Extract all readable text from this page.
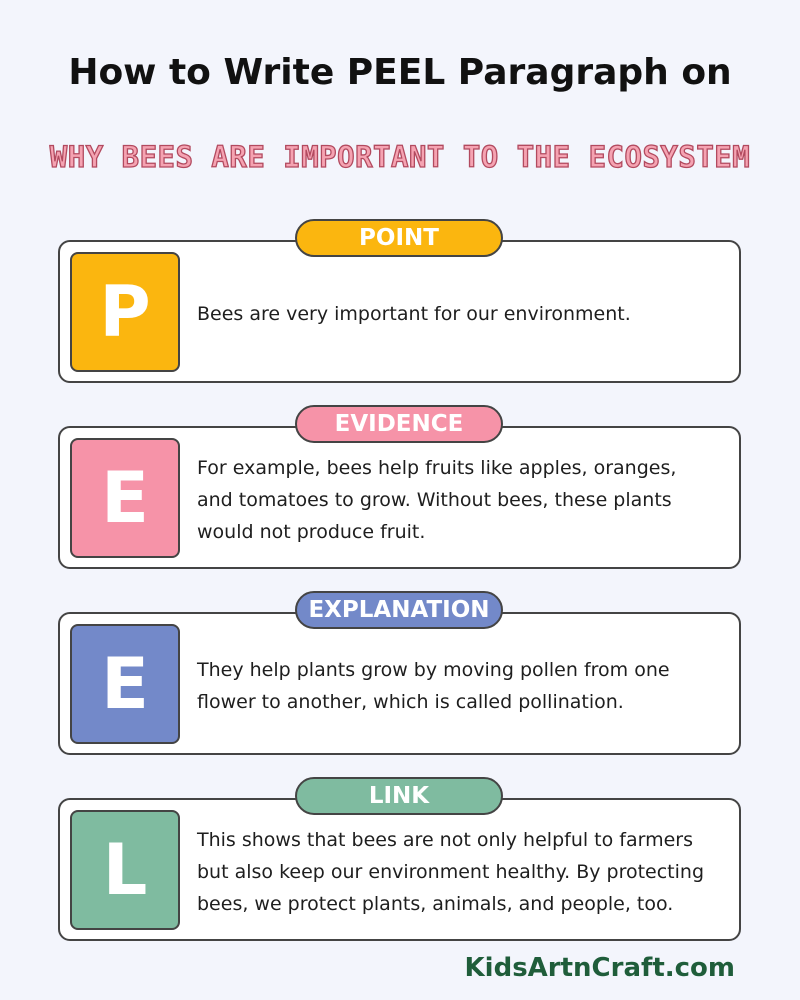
How to Write PEEL Paragraph on
WHY BEES ARE IMPORTANT TO THE ECOSYSTEM
P	Bees are very important for our environment.
POINT
E	For example, bees help fruits like apples, oranges, and tomatoes to grow. Without bees, these plants would not produce fruit.
EVIDENCE
E	They help plants grow by moving pollen from one flower to another, which is called pollination.
EXPLANATION
L	This shows that bees are not only helpful to farmers but also keep our environment healthy. By protecting bees, we protect plants, animals, and people, too.
LINK
KidsArtnCraft.com
